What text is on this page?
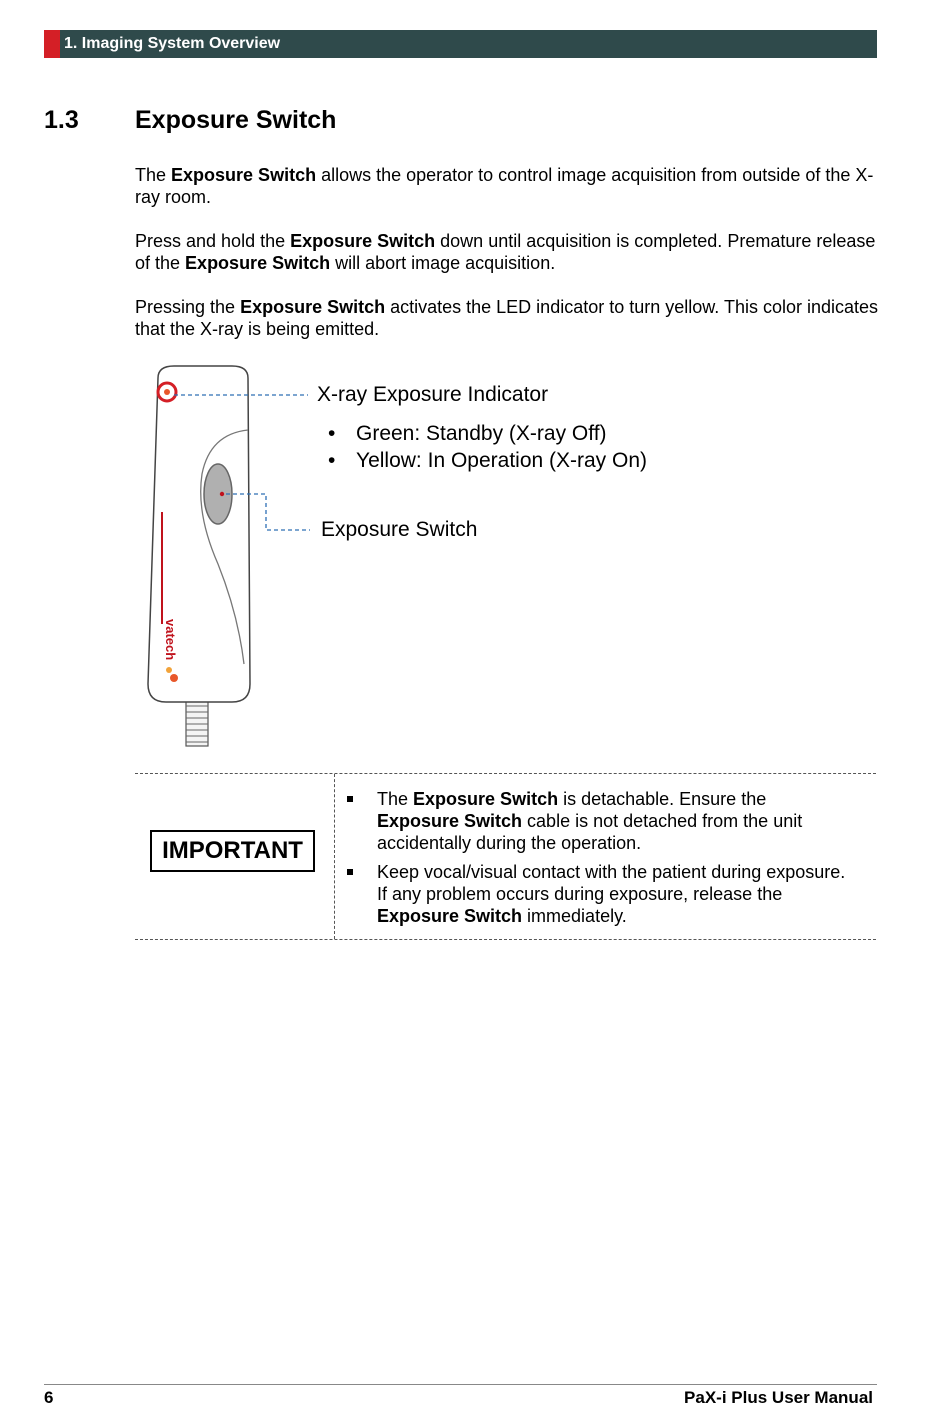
1. Imaging System Overview
1.3 Exposure Switch

The Exposure Switch allows the operator to control image acquisition from outside of the X-ray room.

Press and hold the Exposure Switch down until acquisition is completed. Premature release of the Exposure Switch will abort image acquisition.

Pressing the Exposure Switch activates the LED indicator to turn yellow. This color indicates that the X-ray is being emitted.

vatech
X-ray Exposure Indicator
• Green: Standby (X-ray Off)
• Yellow: In Operation (X-ray On)
Exposure Switch
IMPORTANT
The Exposure Switch is detachable. Ensure the Exposure Switch cable is not detached from the unit accidentally during the operation.
Keep vocal/visual contact with the patient during exposure. If any problem occurs during exposure, release the Exposure Switch immediately.
6	PaX-i Plus User Manual
